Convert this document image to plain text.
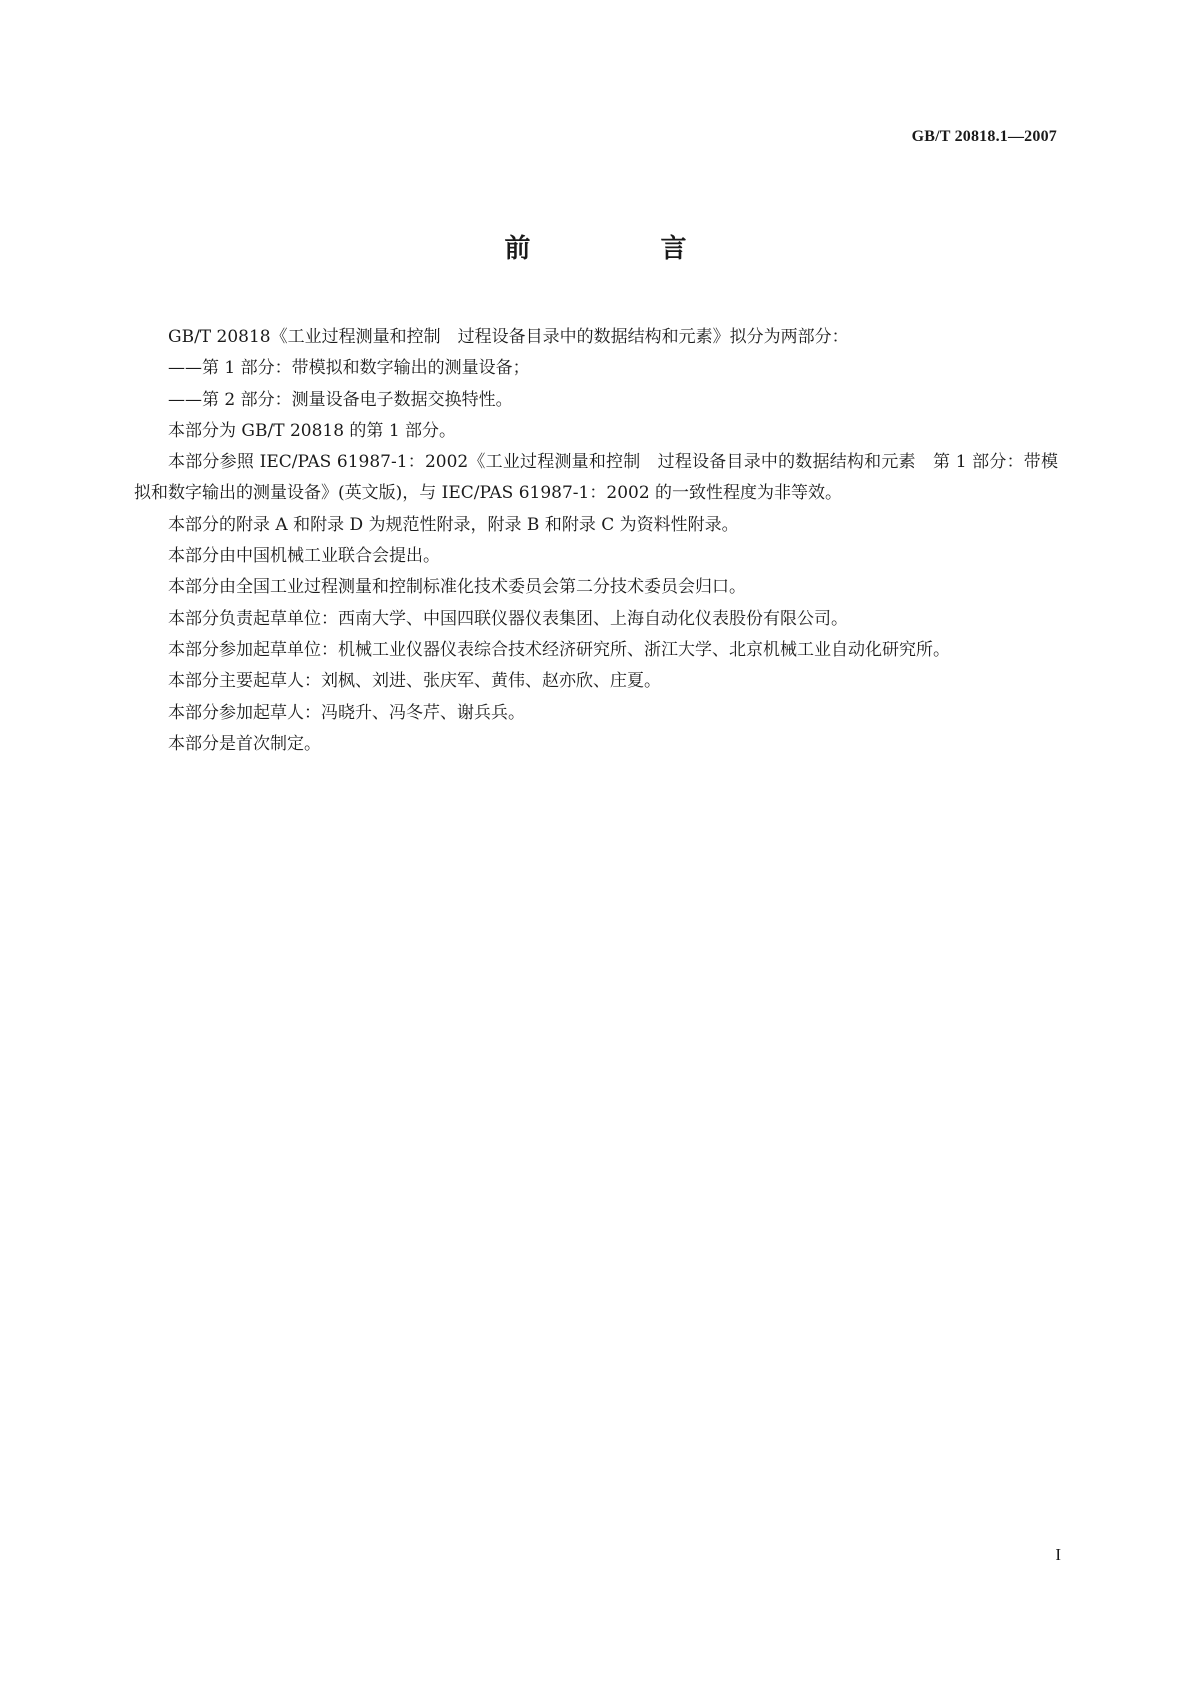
GB/T 20818.1—2007
前　言

GB/T 20818《工业过程测量和控制　过程设备目录中的数据结构和元素》拟分为两部分：

——第 1 部分：带模拟和数字输出的测量设备；

——第 2 部分：测量设备电子数据交换特性。

本部分为 GB/T 20818 的第 1 部分。

本部分参照 IEC/PAS 61987-1：2002《工业过程测量和控制　过程设备目录中的数据结构和元素　第 1 部分：带模拟和数字输出的测量设备》(英文版)，与 IEC/PAS 61987-1：2002 的一致性程度为非等效。

本部分的附录 A 和附录 D 为规范性附录，附录 B 和附录 C 为资料性附录。

本部分由中国机械工业联合会提出。

本部分由全国工业过程测量和控制标准化技术委员会第二分技术委员会归口。

本部分负责起草单位：西南大学、中国四联仪器仪表集团、上海自动化仪表股份有限公司。

本部分参加起草单位：机械工业仪器仪表综合技术经济研究所、浙江大学、北京机械工业自动化研究所。

本部分主要起草人：刘枫、刘进、张庆军、黄伟、赵亦欣、庄夏。

本部分参加起草人：冯晓升、冯冬芹、谢兵兵。

本部分是首次制定。

I
